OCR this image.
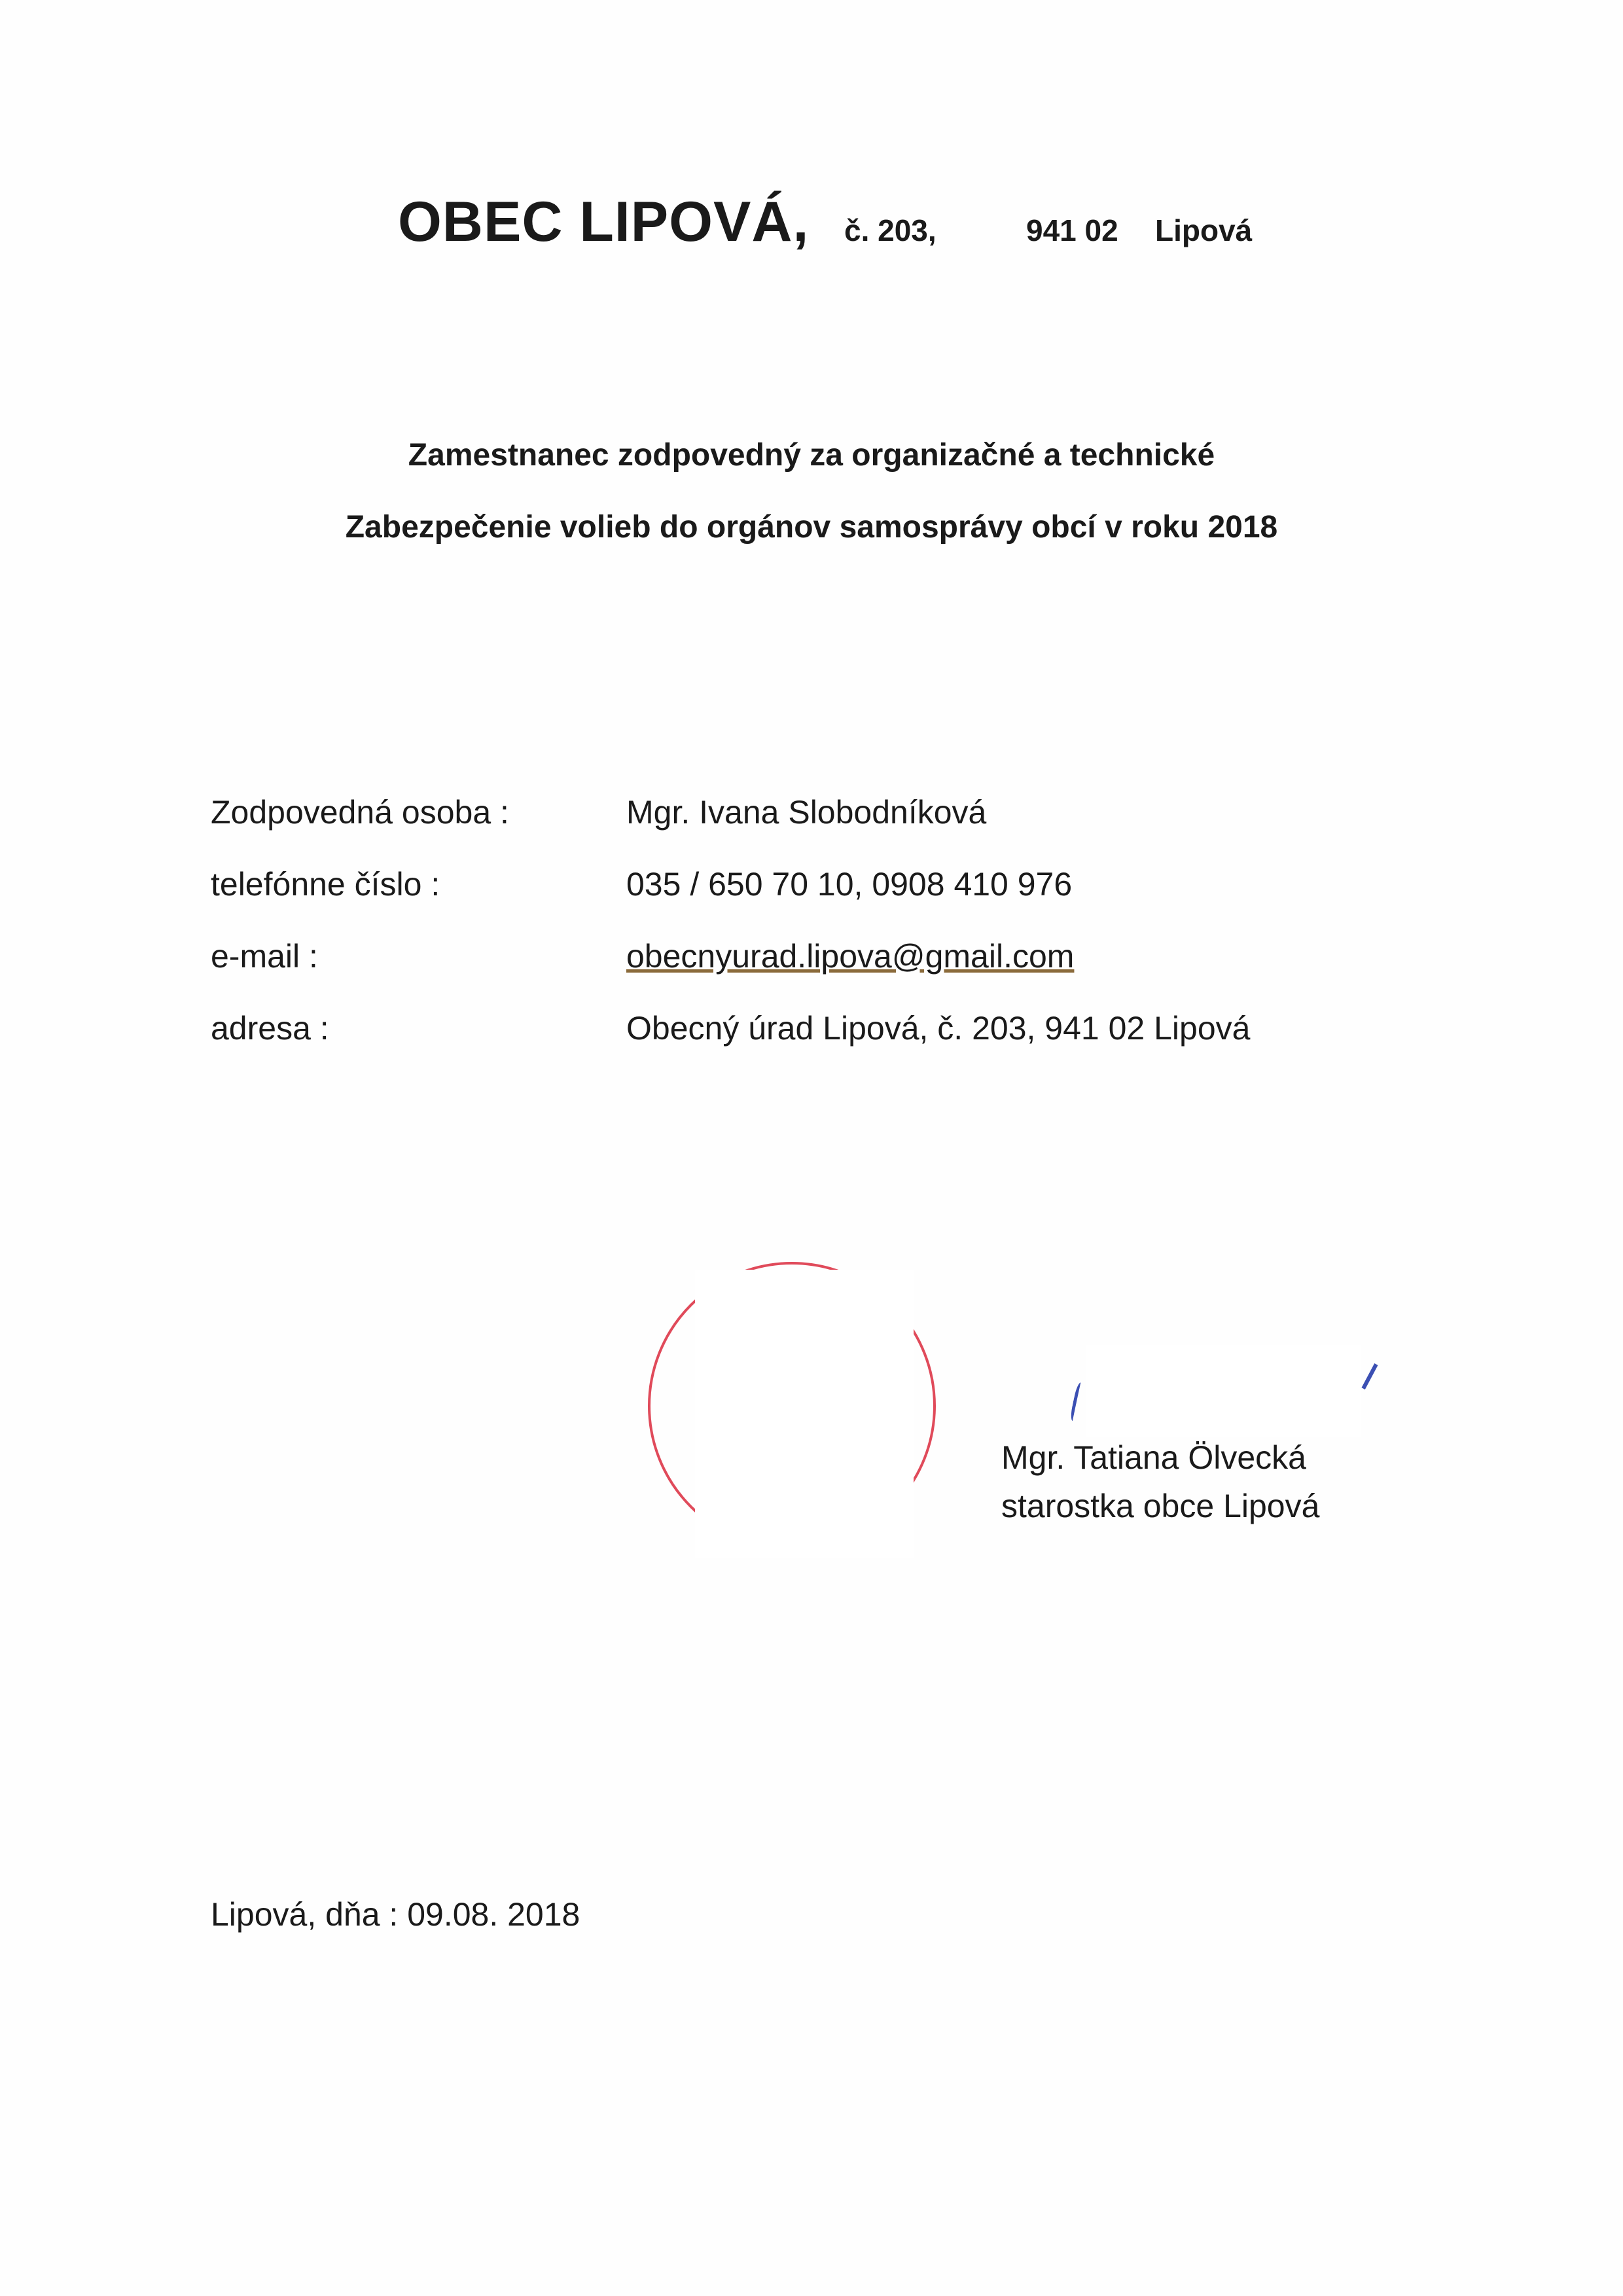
OBEC LIPOVÁ, č. 203,	941 02 Lipová
Zamestnanec zodpovedný za organizačné a technické
Zabezpečenie volieb do orgánov samosprávy obcí v roku 2018
Zodpovedná osoba :	Mgr. Ivana Slobodníková
telefónne číslo :	035 / 650 70 10, 0908 410 976
e-mail :	obecnyurad.lipova@gmail.com
adresa :	Obecný úrad Lipová, č. 203, 941 02 Lipová
Mgr. Tatiana Ölvecká
starostka obce Lipová
Lipová, dňa : 09.08. 2018
